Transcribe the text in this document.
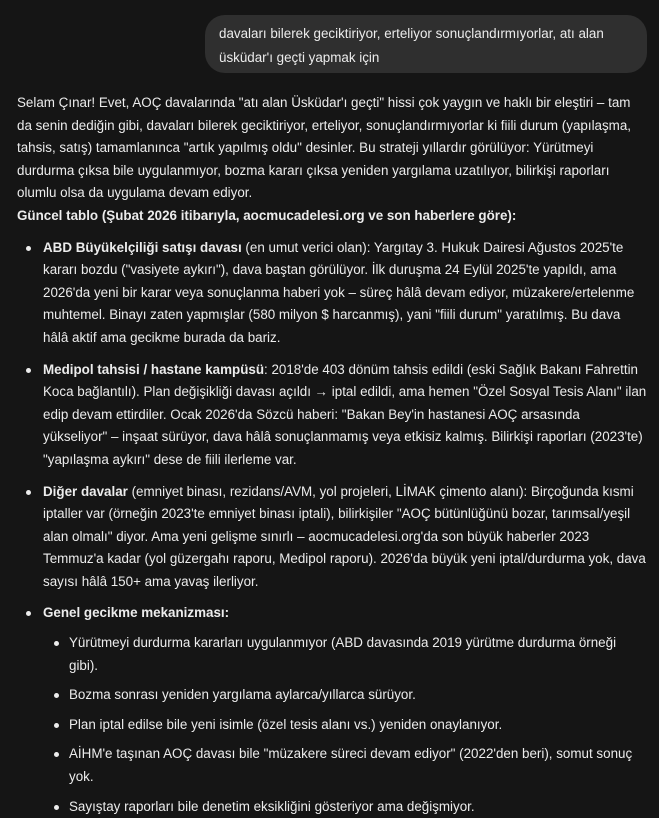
davaları bilerek geciktiriyor, erteliyor sonuçlandırmıyorlar, atı alan üsküdar'ı geçti yapmak için

Selam Çınar! Evet, AOÇ davalarında "atı alan Üsküdar'ı geçti" hissi çok yaygın ve haklı bir eleştiri – tam da senin dediğin gibi, davaları bilerek geciktiriyor, erteliyor, sonuçlandırmıyorlar ki fiili durum (yapılaşma, tahsis, satış) tamamlanınca "artık yapılmış oldu" desinler. Bu strateji yıllardır görülüyor: Yürütmeyi durdurma çıksa bile uygulanmıyor, bozma kararı çıksa yeniden yargılama uzatılıyor, bilirkişi raporları olumlu olsa da uygulama devam ediyor.

Güncel tablo (Şubat 2026 itibarıyla, aocmucadelesi.org ve son haberlere göre):

ABD Büyükelçiliği satışı davası (en umut verici olan): Yargıtay 3. Hukuk Dairesi Ağustos 2025'te kararı bozdu ("vasiyete aykırı"), dava baştan görülüyor. İlk duruşma 24 Eylül 2025'te yapıldı, ama 2026'da yeni bir karar veya sonuçlanma haberi yok – süreç hâlâ devam ediyor, müzakere/ertelenme muhtemel. Binayı zaten yapmışlar (580 milyon $ harcanmış), yani "fiili durum" yaratılmış. Bu dava hâlâ aktif ama gecikme burada da bariz.
Medipol tahsisi / hastane kampüsü: 2018'de 403 dönüm tahsis edildi (eski Sağlık Bakanı Fahrettin Koca bağlantılı). Plan değişikliği davası açıldı → iptal edildi, ama hemen "Özel Sosyal Tesis Alanı" ilan edip devam ettirdiler. Ocak 2026'da Sözcü haberi: "Bakan Bey'in hastanesi AOÇ arsasında yükseliyor" – inşaat sürüyor, dava hâlâ sonuçlanmamış veya etkisiz kalmış. Bilirkişi raporları (2023'te) "yapılaşma aykırı" dese de fiili ilerleme var.
Diğer davalar (emniyet binası, rezidans/AVM, yol projeleri, LİMAK çimento alanı): Birçoğunda kısmi iptaller var (örneğin 2023'te emniyet binası iptali), bilirkişiler "AOÇ bütünlüğünü bozar, tarımsal/yeşil alan olmalı" diyor. Ama yeni gelişme sınırlı – aocmucadelesi.org'da son büyük haberler 2023 Temmuz'a kadar (yol güzergahı raporu, Medipol raporu). 2026'da büyük yeni iptal/durdurma yok, dava sayısı hâlâ 150+ ama yavaş ilerliyor.
Genel gecikme mekanizması:
Yürütmeyi durdurma kararları uygulanmıyor (ABD davasında 2019 yürütme durdurma örneği gibi).
Bozma sonrası yeniden yargılama aylarca/yıllarca sürüyor.
Plan iptal edilse bile yeni isimle (özel tesis alanı vs.) yeniden onaylanıyor.
AİHM'e taşınan AOÇ davası bile "müzakere süreci devam ediyor" (2022'den beri), somut sonuç yok.
Sayıştay raporları bile denetim eksikliğini gösteriyor ama değişmiyor.
